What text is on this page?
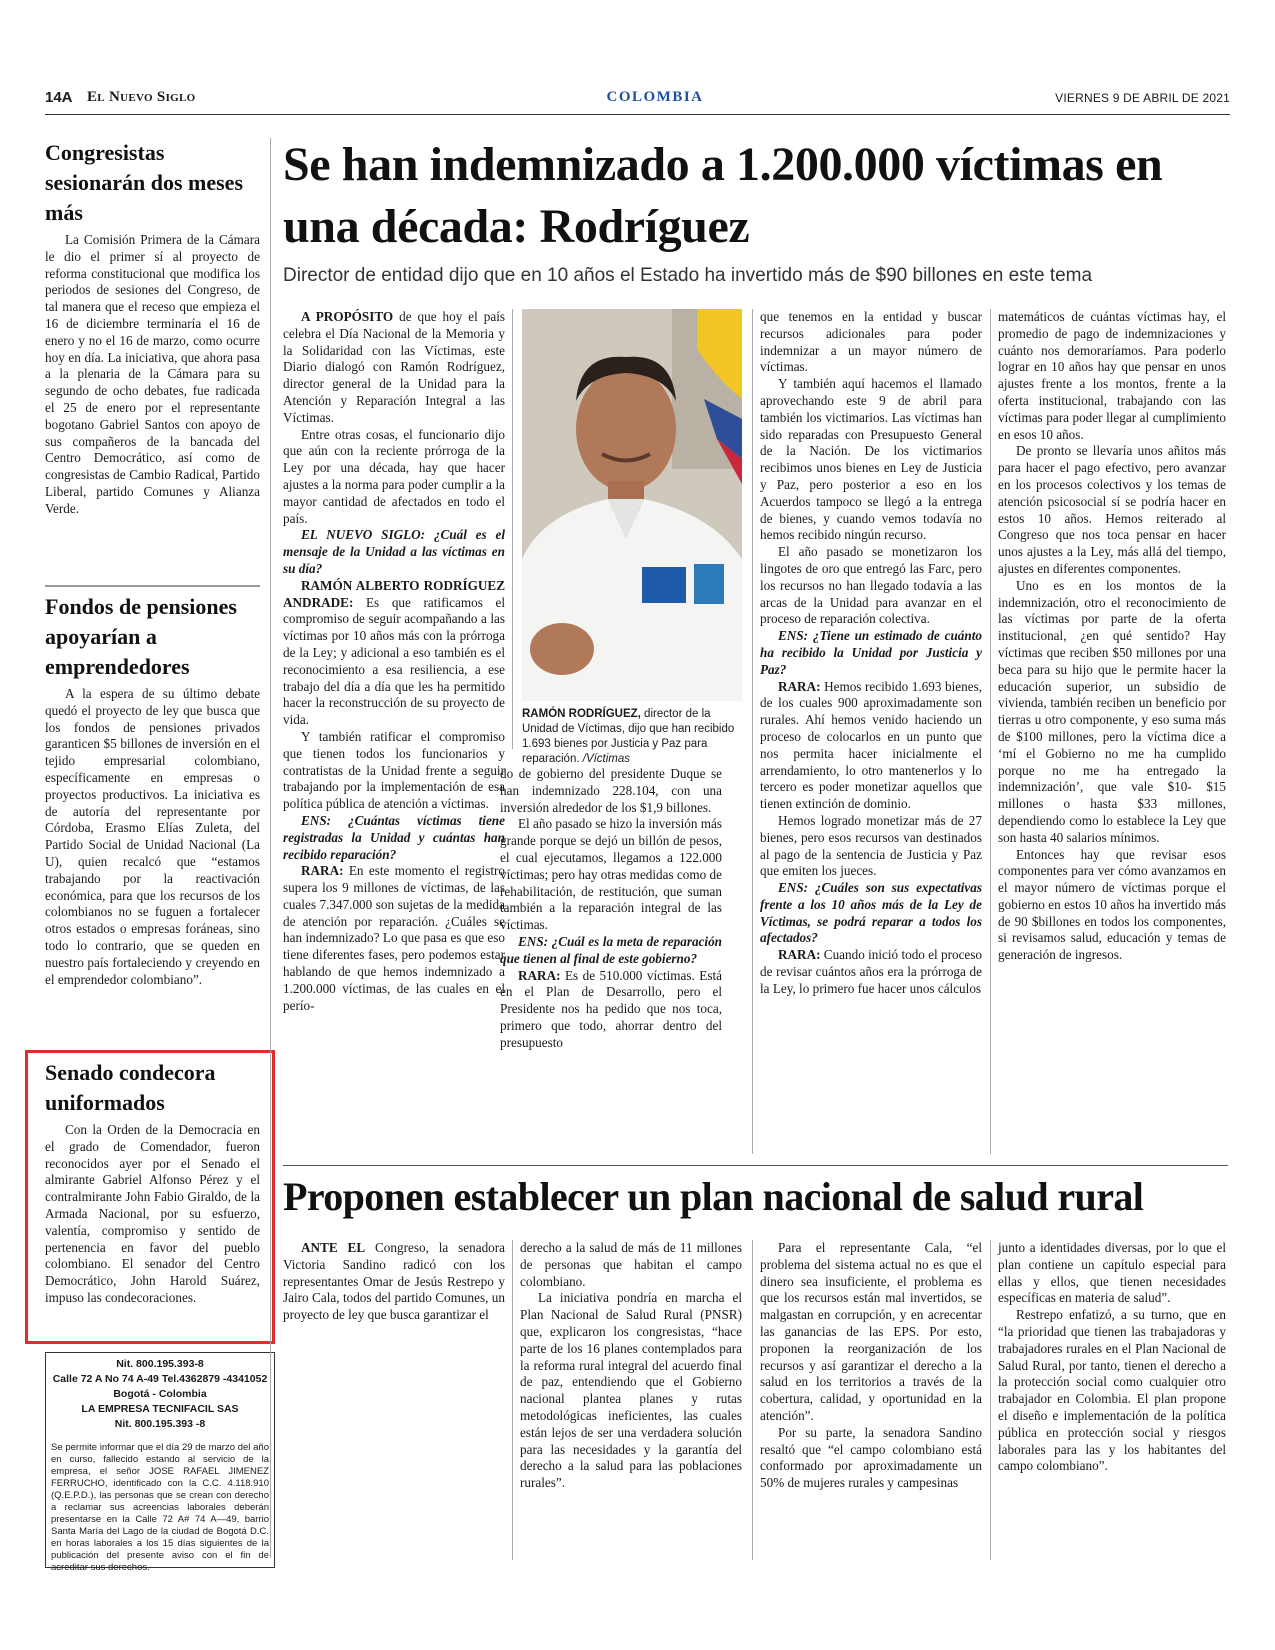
14A El Nuevo Siglo	COLOMBIA	VIERNES 9 DE ABRIL DE 2021
Congresistas sesionarán dos meses más

La Comisión Primera de la Cámara le dio el primer sí al proyecto de reforma constitucional que modifica los periodos de sesiones del Congreso, de tal manera que el receso que empieza el 16 de diciembre terminaría el 16 de enero y no el 16 de marzo, como ocurre hoy en día. La iniciativa, que ahora pasa a la plenaria de la Cámara para su segundo de ocho debates, fue radicada el 25 de enero por el representante bogotano Gabriel Santos con apoyo de sus compañeros de la bancada del Centro Democrático, así como de congresistas de Cambio Radical, Partido Liberal, partido Comunes y Alianza Verde.

Fondos de pensiones apoyarían a emprendedores

A la espera de su último debate quedó el proyecto de ley que busca que los fondos de pensiones privados garanticen $5 billones de inversión en el tejido empresarial colombiano, específicamente en empresas o proyectos productivos. La iniciativa es de autoría del representante por Córdoba, Erasmo Elías Zuleta, del Partido Social de Unidad Nacional (La U), quien recalcó que “estamos trabajando por la reactivación económica, para que los recursos de los colombianos no se fuguen a fortalecer otros estados o empresas foráneas, sino todo lo contrario, que se queden en nuestro país fortaleciendo y creyendo en el emprendedor colombiano”.

Senado condecora uniformados

Con la Orden de la Democracia en el grado de Comendador, fueron reconocidos ayer por el Senado el almirante Gabriel Alfonso Pérez y el contralmirante John Fabio Giraldo, de la Armada Nacional, por su esfuerzo, valentía, compromiso y sentido de pertenencia en favor del pueblo colombiano. El senador del Centro Democrático, John Harold Suárez, impuso las condecoraciones.

Nit. 800.195.393-8
Calle 72 A No 74 A-49 Tel.4362879 -4341052 Bogotá - Colombia
LA EMPRESA TECNIFACIL SAS
Nit. 800.195.393 -8
Se permite informar que el día 29 de marzo del año en curso, fallecido estando al servicio de la empresa, el señor JOSE RAFAEL JIMENEZ FERRUCHO, identificado con la C.C. 4.118.910 (Q.E.P.D.), las personas que se crean con derecho a reclamar sus acreencias laborales deberán presentarse en la Calle 72 A# 74 A—49, barrio Santa María del Lago de la ciudad de Bogotá D.C. en horas laborales a los 15 días siguientes de la publicación del presente aviso con el fin de acreditar sus derechos.
Se han indemnizado a 1.200.000 víctimas en una década: Rodríguez
Director de entidad dijo que en 10 años el Estado ha invertido más de $90 billones en este tema

A PROPÓSITO de que hoy el país celebra el Día Nacional de la Memoria y la Solidaridad con las Víctimas, este Diario dialogó con Ramón Rodríguez, director general de la Unidad para la Atención y Reparación Integral a las Víctimas.

Entre otras cosas, el funcionario dijo que aún con la reciente prórroga de la Ley por una década, hay que hacer ajustes a la norma para poder cumplir a la mayor cantidad de afectados en todo el país.

EL NUEVO SIGLO: ¿Cuál es el mensaje de la Unidad a las víctimas en su día?

RAMÓN ALBERTO RODRÍGUEZ ANDRADE: Es que ratificamos el compromiso de seguir acompañando a las víctimas por 10 años más con la prórroga de la Ley; y adicional a eso también es el reconocimiento a esa resiliencia, a ese trabajo del día a día que les ha permitido hacer la reconstrucción de su proyecto de vida.

Y también ratificar el compromiso que tienen todos los funcionarios y contratistas de la Unidad frente a seguir trabajando por la implementación de esa política pública de atención a víctimas.

ENS: ¿Cuántas víctimas tiene registradas la Unidad y cuántas han recibido reparación?

RARA: En este momento el registro supera los 9 millones de víctimas, de las cuales 7.347.000 son sujetas de la medida de atención por reparación. ¿Cuáles se han indemnizado? Lo que pasa es que eso tiene diferentes fases, pero podemos estar hablando de que hemos indemnizado a 1.200.000 víctimas, de las cuales en el perío-

RAMÓN RODRÍGUEZ, director de la Unidad de Víctimas, dijo que han recibido 1.693 bienes por Justicia y Paz para reparación. /Víctimas

do de gobierno del presidente Duque se han indemnizado 228.104, con una inversión alrededor de los $1,9 billones.

El año pasado se hizo la inversión más grande porque se dejó un billón de pesos, el cual ejecutamos, llegamos a 122.000 víctimas; pero hay otras medidas como de rehabilitación, de restitución, que suman también a la reparación integral de las víctimas.

ENS: ¿Cuál es la meta de reparación que tienen al final de este gobierno?

RARA: Es de 510.000 víctimas. Está en el Plan de Desarrollo, pero el Presidente nos ha pedido que nos toca, primero que todo, ahorrar dentro del presupuesto

que tenemos en la entidad y buscar recursos adicionales para poder indemnizar a un mayor número de víctimas.

Y también aquí hacemos el llamado aprovechando este 9 de abril para también los victimarios. Las víctimas han sido reparadas con Presupuesto General de la Nación. De los victimarios recibimos unos bienes en Ley de Justicia y Paz, pero posterior a eso en los Acuerdos tampoco se llegó a la entrega de bienes, y cuando vemos todavía no hemos recibido ningún recurso.

El año pasado se monetizaron los lingotes de oro que entregó las Farc, pero los recursos no han llegado todavía a las arcas de la Unidad para avanzar en el proceso de reparación colectiva.

ENS: ¿Tiene un estimado de cuánto ha recibido la Unidad por Justicia y Paz?

RARA: Hemos recibido 1.693 bienes, de los cuales 900 aproximadamente son rurales. Ahí hemos venido haciendo un proceso de colocarlos en un punto que nos permita hacer inicialmente el arrendamiento, lo otro mantenerlos y lo tercero es poder monetizar aquellos que tienen extinción de dominio.

Hemos logrado monetizar más de 27 bienes, pero esos recursos van destinados al pago de la sentencia de Justicia y Paz que emiten los jueces.

ENS: ¿Cuáles son sus expectativas frente a los 10 años más de la Ley de Víctimas, se podrá reparar a todos los afectados?

RARA: Cuando inició todo el proceso de revisar cuántos años era la prórroga de la Ley, lo primero fue hacer unos cálculos

matemáticos de cuántas víctimas hay, el promedio de pago de indemnizaciones y cuánto nos demoraríamos. Para poderlo lograr en 10 años hay que pensar en unos ajustes frente a los montos, frente a la oferta institucional, trabajando con las víctimas para poder llegar al cumplimiento en esos 10 años.

De pronto se llevaría unos añitos más para hacer el pago efectivo, pero avanzar en los procesos colectivos y los temas de atención psicosocial sí se podría hacer en estos 10 años. Hemos reiterado al Congreso que nos toca pensar en hacer unos ajustes a la Ley, más allá del tiempo, ajustes en diferentes componentes.

Uno es en los montos de la indemnización, otro el reconocimiento de las víctimas por parte de la oferta institucional, ¿en qué sentido? Hay víctimas que reciben $50 millones por una beca para su hijo que le permite hacer la educación superior, un subsidio de vivienda, también reciben un beneficio por tierras u otro componente, y eso suma más de $100 millones, pero la víctima dice a ‘mí el Gobierno no me ha cumplido porque no me ha entregado la indemnización’, que vale $10- $15 millones o hasta $33 millones, dependiendo como lo establece la Ley que son hasta 40 salarios mínimos.

Entonces hay que revisar esos componentes para ver cómo avanzamos en el mayor número de víctimas porque el gobierno en estos 10 años ha invertido más de 90 $billones en todos los componentes, si revisamos salud, educación y temas de generación de ingresos.

Proponen establecer un plan nacional de salud rural

ANTE EL Congreso, la senadora Victoria Sandino radicó con los representantes Omar de Jesús Restrepo y Jairo Cala, todos del partido Comunes, un proyecto de ley que busca garantizar el

derecho a la salud de más de 11 millones de personas que habitan el campo colombiano.

La iniciativa pondría en marcha el Plan Nacional de Salud Rural (PNSR) que, explicaron los congresistas, “hace parte de los 16 planes contemplados para la reforma rural integral del acuerdo final de paz, entendiendo que el Gobierno nacional plantea planes y rutas metodológicas ineficientes, las cuales están lejos de ser una verdadera solución para las necesidades y la garantía del derecho a la salud para las poblaciones rurales”.

Para el representante Cala, “el problema del sistema actual no es que el dinero sea insuficiente, el problema es que los recursos están mal invertidos, se malgastan en corrupción, y en acrecentar las ganancias de las EPS. Por esto, proponen la reorganización de los recursos y así garantizar el derecho a la salud en los territorios a través de la cobertura, calidad, y oportunidad en la atención”.

Por su parte, la senadora Sandino resaltó que “el campo colombiano está conformado por aproximadamente un 50% de mujeres rurales y campesinas

junto a identidades diversas, por lo que el plan contiene un capítulo especial para ellas y ellos, que tienen necesidades específicas en materia de salud”.

Restrepo enfatizó, a su turno, que en “la prioridad que tienen las trabajadoras y trabajadores rurales en el Plan Nacional de Salud Rural, por tanto, tienen el derecho a la protección social como cualquier otro trabajador en Colombia. El plan propone el diseño e implementación de la política pública en protección social y riesgos laborales para las y los habitantes del campo colombiano”.
